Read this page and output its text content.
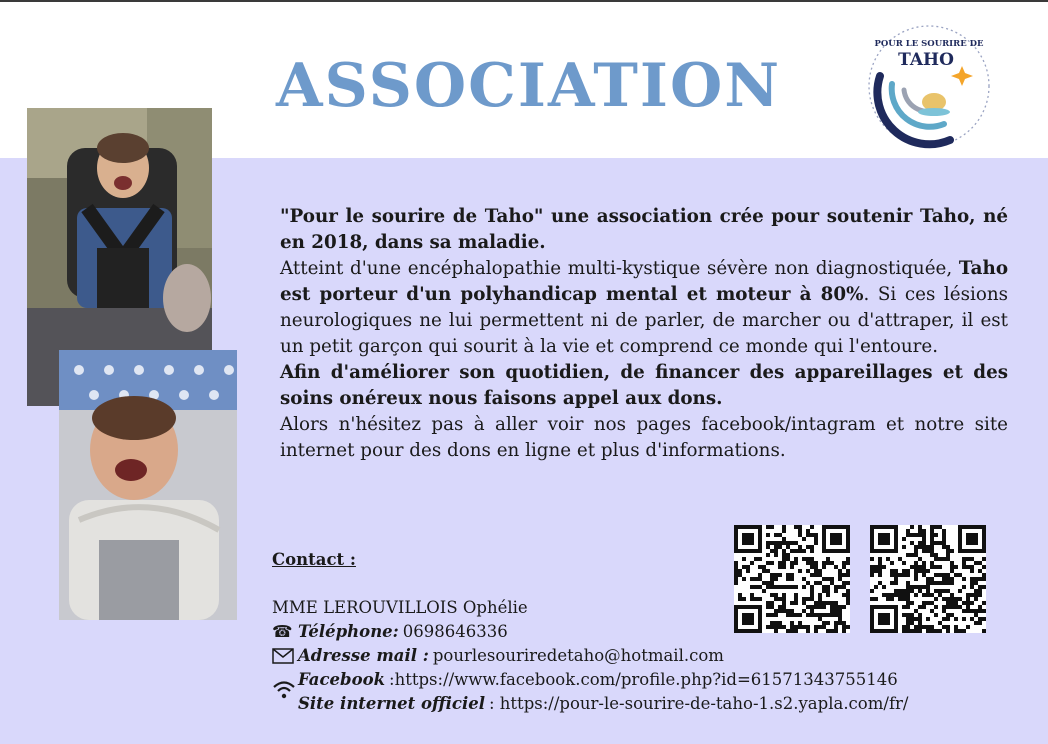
ASSOCIATION
POUR LE SOURIRE DE
TAHO

"Pour le sourire de Taho" une association crée pour soutenir Taho, né en 2018, dans sa maladie.

Atteint d'une encéphalopathie multi-kystique sévère non diagnostiquée, Taho est porteur d'un polyhandicap mental et moteur à 80%. Si ces lésions neurologiques ne lui permettent ni de parler, de marcher ou d'attraper, il est un petit garçon qui sourit à la vie et comprend ce monde qui l'entoure.

Afin d'améliorer son quotidien, de financer des appareillages et des soins onéreux nous faisons appel aux dons.

Alors n'hésitez pas à aller voir nos pages facebook/intagram et notre site internet pour des dons en ligne et plus d'informations.

Contact :
MME LEROUVILLOIS Ophélie
☎ Téléphone: 0698646336
Adresse mail : pourlesouriredetaho@hotmail.com
Facebook :https://www.facebook.com/profile.php?id=61571343755146
Site internet officiel : https://pour-le-sourire-de-taho-1.s2.yapla.com/fr/
